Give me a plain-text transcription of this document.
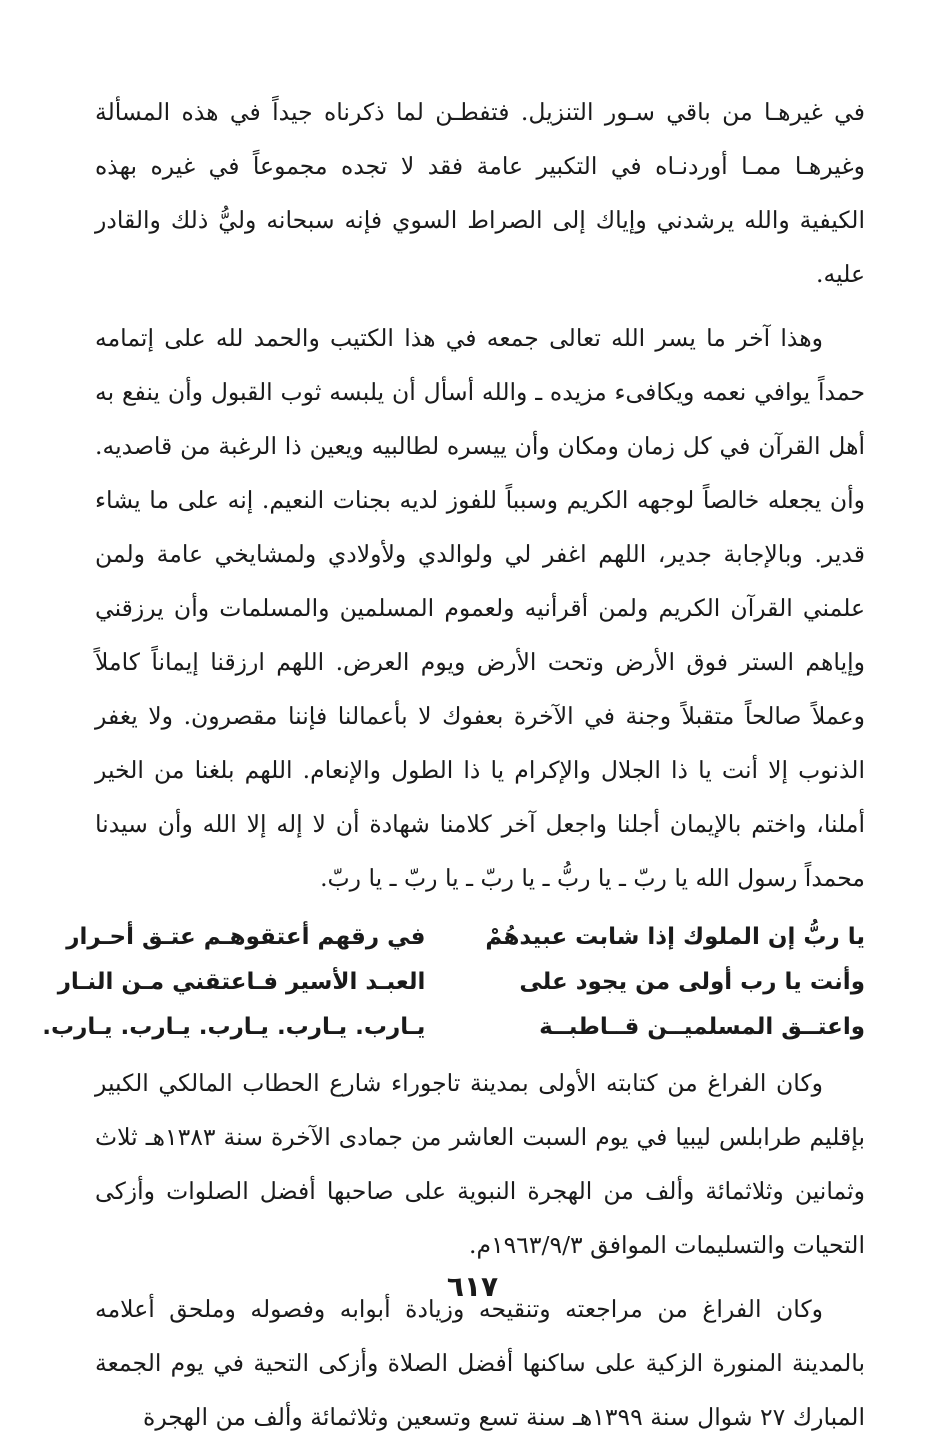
في غيرهـا من باقي سـور التنزيل. فتفطـن لما ذكرناه جيداً في هذه المسألة وغيرهـا ممـا أوردنـاه في التكبير عامة فقد لا تجده مجموعاً في غيره بهذه الكيفية والله يرشدني وإياك إلى الصراط السوي فإنه سبحانه وليُّ ذلك والقادر عليه.

وهذا آخر ما يسر الله تعالى جمعه في هذا الكتيب والحمد لله على إتمامه حمداً يوافي نعمه ويكافىء مزيده ـ والله أسأل أن يلبسه ثوب القبول وأن ينفع به أهل القرآن في كل زمان ومكان وأن ييسره لطالبيه ويعين ذا الرغبة من قاصديه. وأن يجعله خالصاً لوجهه الكريم وسبباً للفوز لديه بجنات النعيم. إنه على ما يشاء قدير. وبالإجابة جدير، اللهم اغفر لي ولوالدي ولأولادي ولمشايخي عامة ولمن علمني القرآن الكريم ولمن أقرأنيه ولعموم المسلمين والمسلمات وأن يرزقني وإياهم الستر فوق الأرض وتحت الأرض ويوم العرض. اللهم ارزقنا إيماناً كاملاً وعملاً صالحاً متقبلاً وجنة في الآخرة بعفوك لا بأعمالنا فإننا مقصرون. ولا يغفر الذنوب إلا أنت يا ذا الجلال والإكرام يا ذا الطول والإنعام. اللهم بلغنا من الخير أملنا، واختم بالإيمان أجلنا واجعل آخر كلامنا شهادة أن لا إله إلا الله وأن سيدنا محمداً رسول الله يا ربّ ـ يا ربُّ ـ يا ربّ ـ يا ربّ ـ يا ربّ.

يا ربُّ إن الملوك إذا شابت عبيدهُمْ
في رقهم أعتقوهـم عتـق أحـرار
وأنت يا رب أولى من يجود على
العبـد الأسير فـاعتقني مـن النـار
واعتــق المسلميــن قــاطبــة
يـارب. يـارب. يـارب. يـارب. يـارب.

وكان الفراغ من كتابته الأولى بمدينة تاجوراء شارع الحطاب المالكي الكبير بإقليم طرابلس ليبيا في يوم السبت العاشر من جمادى الآخرة سنة ١٣٨٣هـ ثلاث وثمانين وثلاثمائة وألف من الهجرة النبوية على صاحبها أفضل الصلوات وأزكى التحيات والتسليمات الموافق ١٩٦٣/٩/٣م.

وكان الفراغ من مراجعته وتنقيحه وزيادة أبوابه وفصوله وملحق أعلامه بالمدينة المنورة الزكية على ساكنها أفضل الصلاة وأزكى التحية في يوم الجمعة المبارك ٢٧ شوال سنة ١٣٩٩هـ سنة تسع وتسعين وثلاثمائة وألف من الهجرة

٦١٧
